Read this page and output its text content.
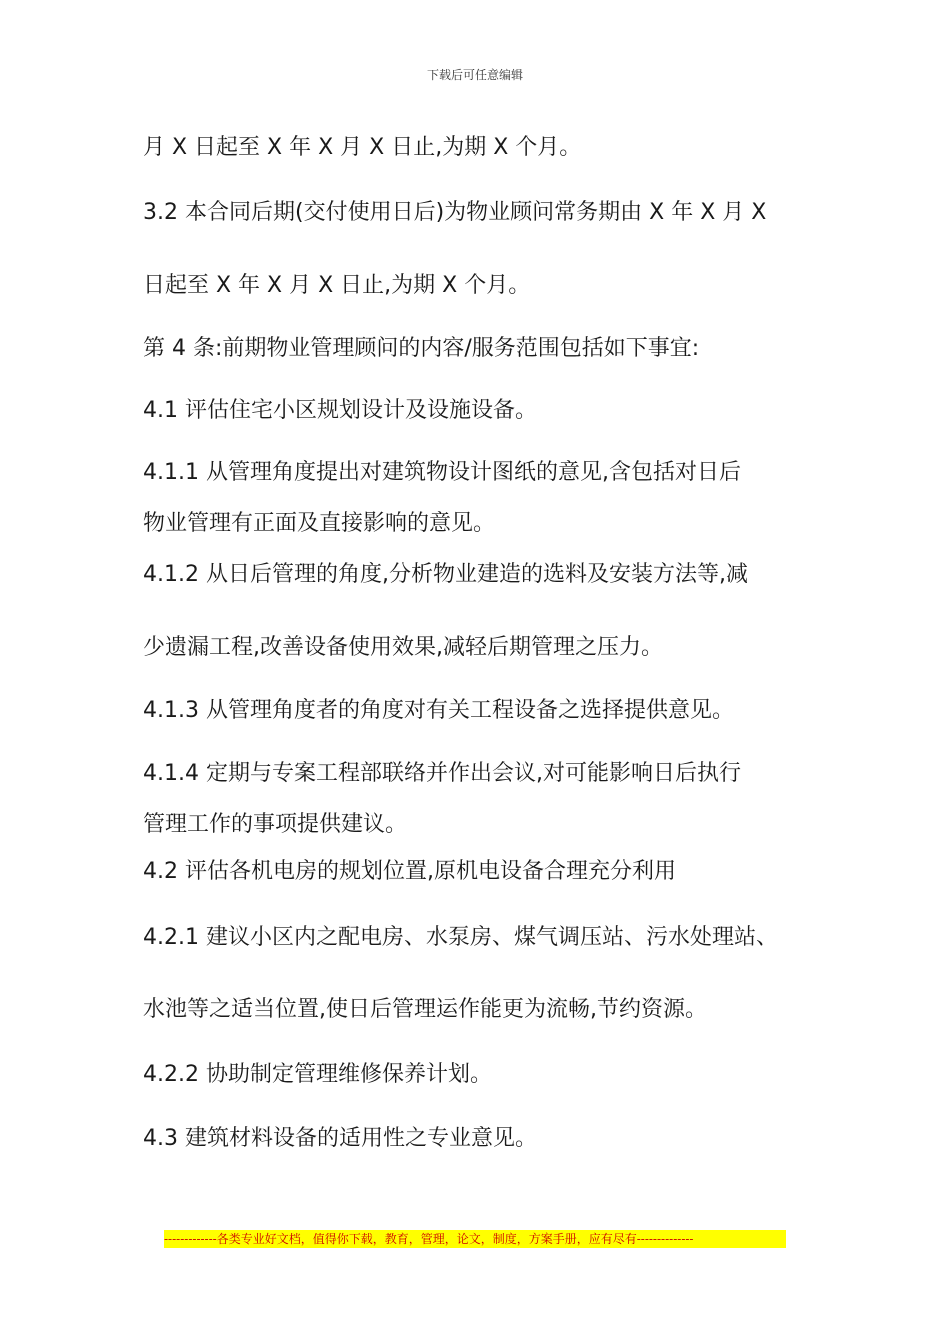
下载后可任意编辑
月 X 日起至 X 年 X 月 X 日止,为期 X 个月。
3.2 本合同后期(交付使用日后)为物业顾问常务期由 X 年 X 月 X
日起至 X 年 X 月 X 日止,为期 X 个月。
第 4 条:前期物业管理顾问的内容/服务范围包括如下事宜:
4.1 评估住宅小区规划设计及设施设备。
4.1.1 从管理角度提出对建筑物设计图纸的意见,含包括对日后
物业管理有正面及直接影响的意见。
4.1.2 从日后管理的角度,分析物业建造的选料及安装方法等,减
少遗漏工程,改善设备使用效果,减轻后期管理之压力。
4.1.3 从管理角度者的角度对有关工程设备之选择提供意见。
4.1.4 定期与专案工程部联络并作出会议,对可能影响日后执行
管理工作的事项提供建议。
4.2 评估各机电房的规划位置,原机电设备合理充分利用
4.2.1 建议小区内之配电房、水泵房、煤气调压站、污水处理站、
水池等之适当位置,使日后管理运作能更为流畅,节约资源。
4.2.2 协助制定管理维修保养计划。
4.3 建筑材料设备的适用性之专业意见。
-------------各类专业好文档，值得你下载，教育，管理，论文，制度，方案手册，应有尽有--------------
